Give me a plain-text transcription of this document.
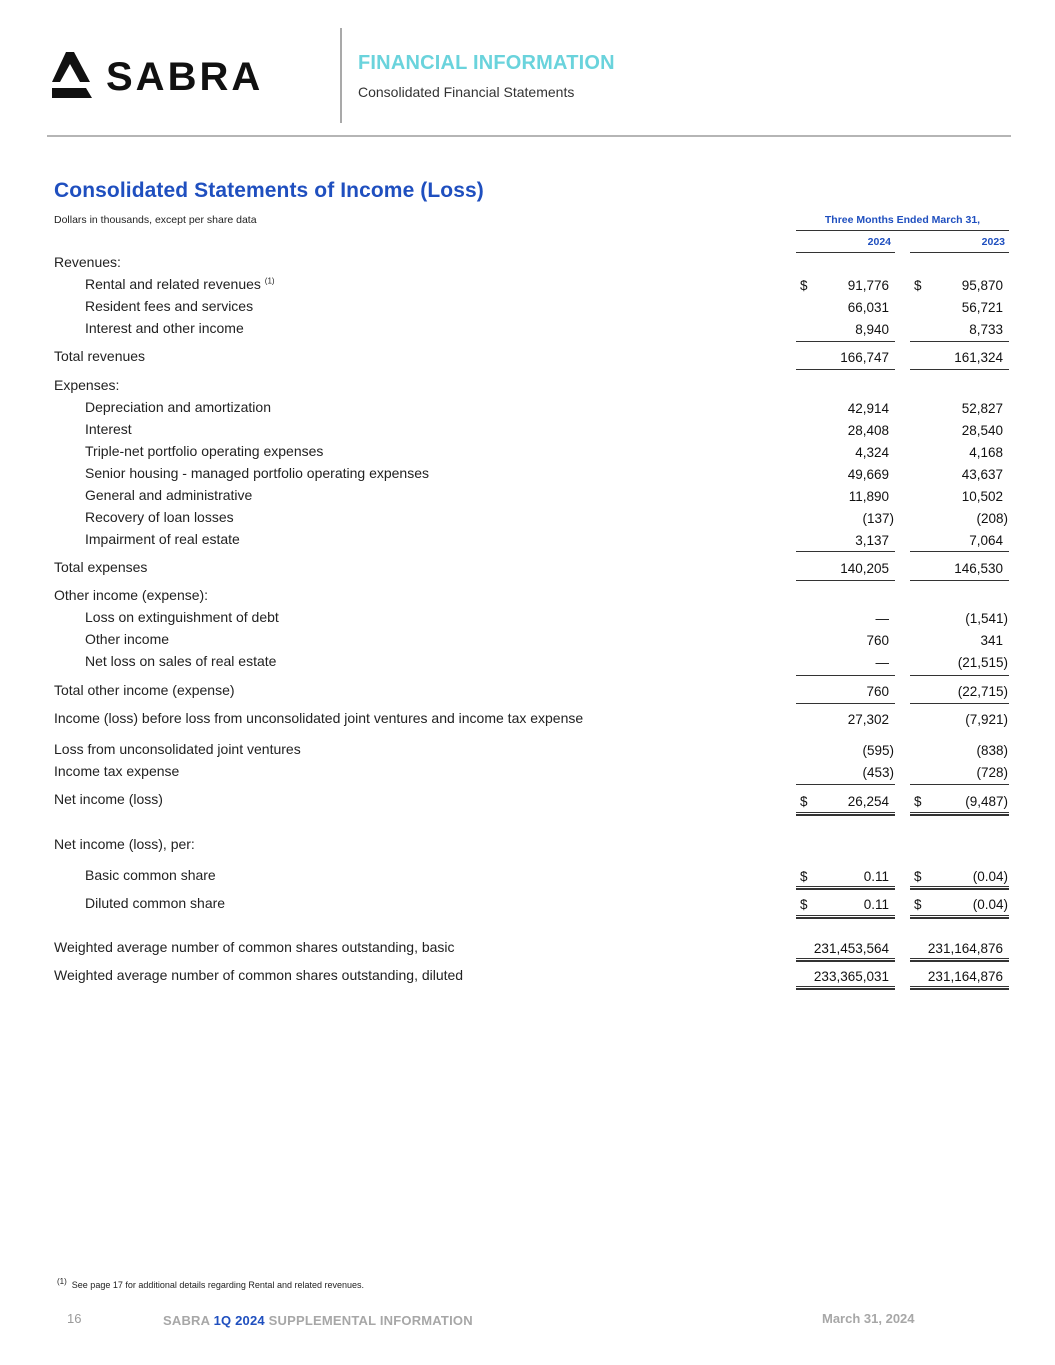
SABRA	FINANCIAL INFORMATION
Consolidated Financial Statements
Consolidated Statements of Income (Loss)
Dollars in thousands, except per share data	Three Months Ended March 31,
2024	2023
Revenues:
Rental and related revenues $^{(1)}$	$	91,776 $	95,870
Resident fees and services	66,031	56,721
Interest and other income	8,940	8,733
Total revenues	166,747	161,324
Expenses:
Depreciation and amortization	42,914	52,827
Interest	28,408	28,540
Triple-net portfolio operating expenses	4,324	4,168
Senior housing - managed portfolio operating expenses	49,669	43,637
General and administrative	11,890	10,502
Recovery of loan losses	(137)	(208)
Impairment of real estate	3,137	7,064
Total expenses	140,205	146,530
Other income (expense):
Loss on extinguishment of debt	—	(1,541)
Other income	760	341
Net loss on sales of real estate	—	(21,515)
Total other income (expense)	760	(22,715)
Income (loss) before loss from unconsolidated joint ventures and income tax expense	27,302	(7,921)
Loss from unconsolidated joint ventures	(595)	(838)
Income tax expense	(453)	(728)
Net income (loss)	$	26,254 $	(9,487)
Net income (loss), per:
Basic common share	$	0.11 $	(0.04)
Diluted common share	$	0.11 $	(0.04)
Weighted average number of common shares outstanding, basic	231,453,564	231,164,876
Weighted average number of common shares outstanding, diluted	233,365,031	231,164,876
$^{(1)}$ See page 17 for additional details regarding Rental and related revenues.
16	SABRA 1Q 2024 SUPPLEMENTAL INFORMATION	March 31, 2024
